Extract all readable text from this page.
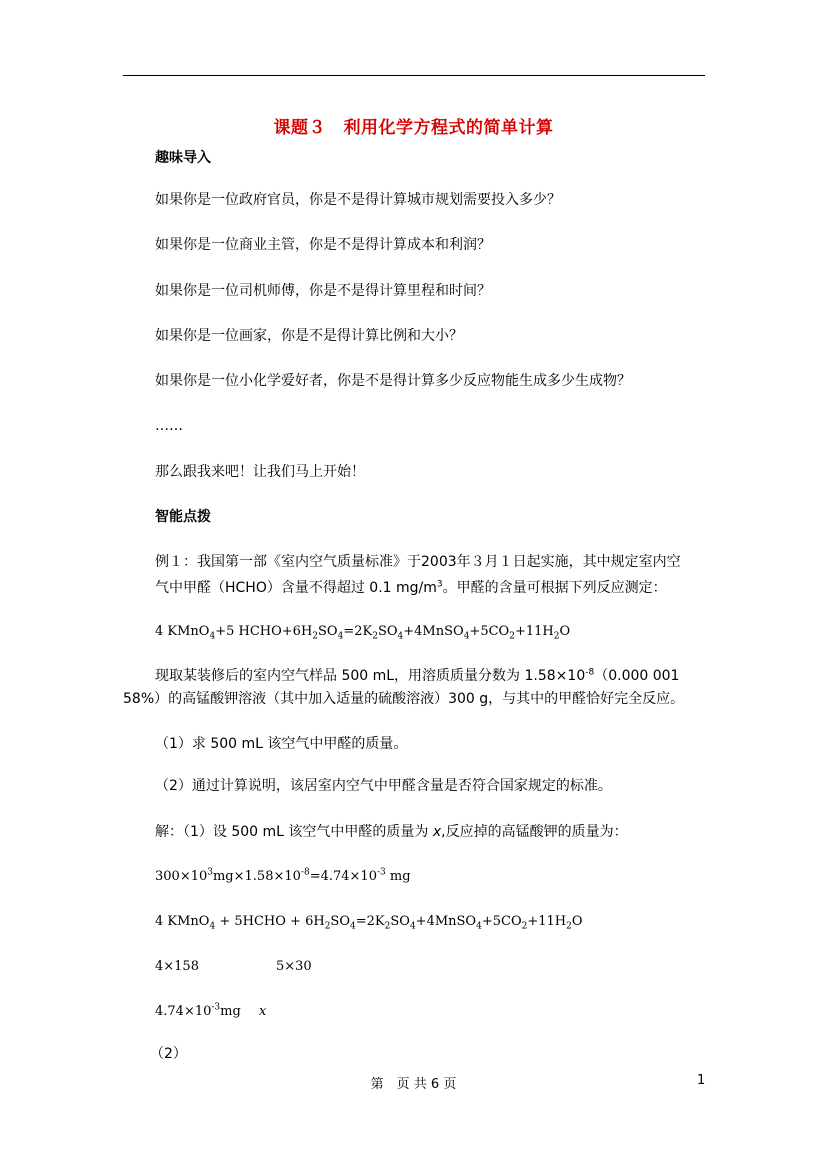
课题３　利用化学方程式的简单计算
趣味导入
如果你是一位政府官员，你是不是得计算城市规划需要投入多少？
如果你是一位商业主管，你是不是得计算成本和利润？
如果你是一位司机师傅，你是不是得计算里程和时间？
如果你是一位画家，你是不是得计算比例和大小？
如果你是一位小化学爱好者，你是不是得计算多少反应物能生成多少生成物？
……
那么跟我来吧！让我们马上开始！
智能点拨
例１：我国第一部《室内空气质量标准》于2003年３月１日起实施，其中规定室内空
气中甲醛（HCHO）含量不得超过 0.1 $mg/m^3$。甲醛的含量可根据下列反应测定：
4 KMnO$_4$+5 $HCHO+6H_2SO_4=2K_2SO_4+4MnSO_4+5CO_2+11H_2O$
现取某装修后的室内空气样品 500 mL，用溶质质量分数为 $1.58\times 10^{-8}(0.000$ 001
58%）的高锰酸钾溶液（其中加入适量的硫酸溶液）300 g，与其中的甲醛恰好完全反应。
（1）求 500 mL 该空气中甲醛的质量。
（2）通过计算说明，该居室内空气中甲醛含量是否符合国家规定的标准。
解：（1）设 500 mL 该空气中甲醛的质量为 x,反应掉的高锰酸钾的质量为：
$300\times 10^3mg\times 1.58\times 10^{-8}=4.74\times 10^{-3}$ mg
4 KMnO$_4$ + 5HCHO + $6H_2SO_4=2K_2SO_4+4MnSO_4+5CO_2+11H_2O$
4×158	5×30
$4.74\times 10^{-3}mg$ x
（2）
第　页 共 6 页	1
